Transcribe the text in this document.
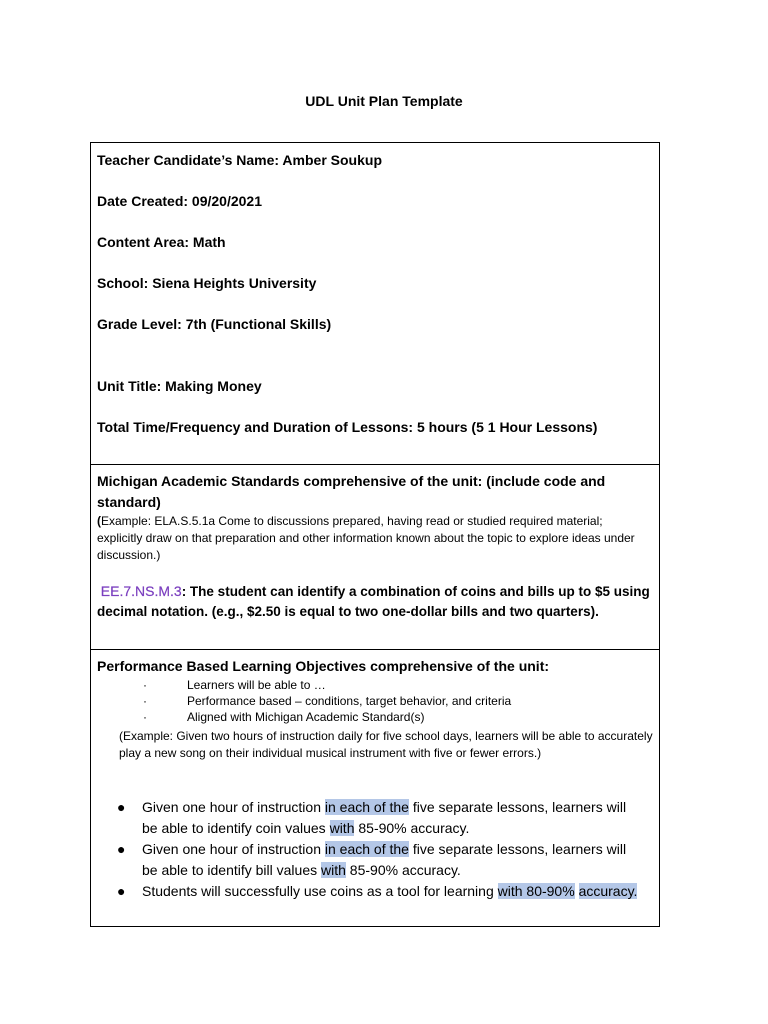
UDL Unit Plan Template
Teacher Candidate’s Name: Amber Soukup
Date Created: 09/20/2021
Content Area: Math
School: Siena Heights University
Grade Level: 7th (Functional Skills)
Unit Title: Making Money
Total Time/Frequency and Duration of Lessons: 5 hours (5 1 Hour Lessons)
Michigan Academic Standards comprehensive of the unit: (include code and standard)
(Example: ELA.S.5.1a Come to discussions prepared, having read or studied required material; explicitly draw on that preparation and other information known about the topic to explore ideas under discussion.)
EE.7.NS.M.3: The student can identify a combination of coins and bills up to $5 using decimal notation. (e.g., $2.50 is equal to two one-dollar bills and two quarters).
Performance Based Learning Objectives comprehensive of the unit:
·	Learners will be able to …
·	Performance based – conditions, target behavior, and criteria
·	Aligned with Michigan Academic Standard(s)
(Example: Given two hours of instruction daily for five school days, learners will be able to accurately play a new song on their individual musical instrument with five or fewer errors.)
● Given one hour of instruction in each of the five separate lessons, learners will be able to identify coin values with 85-90% accuracy.
● Given one hour of instruction in each of the five separate lessons, learners will be able to identify bill values with 85-90% accuracy.
● Students will successfully use coins as a tool for learning with 80-90% accuracy.
